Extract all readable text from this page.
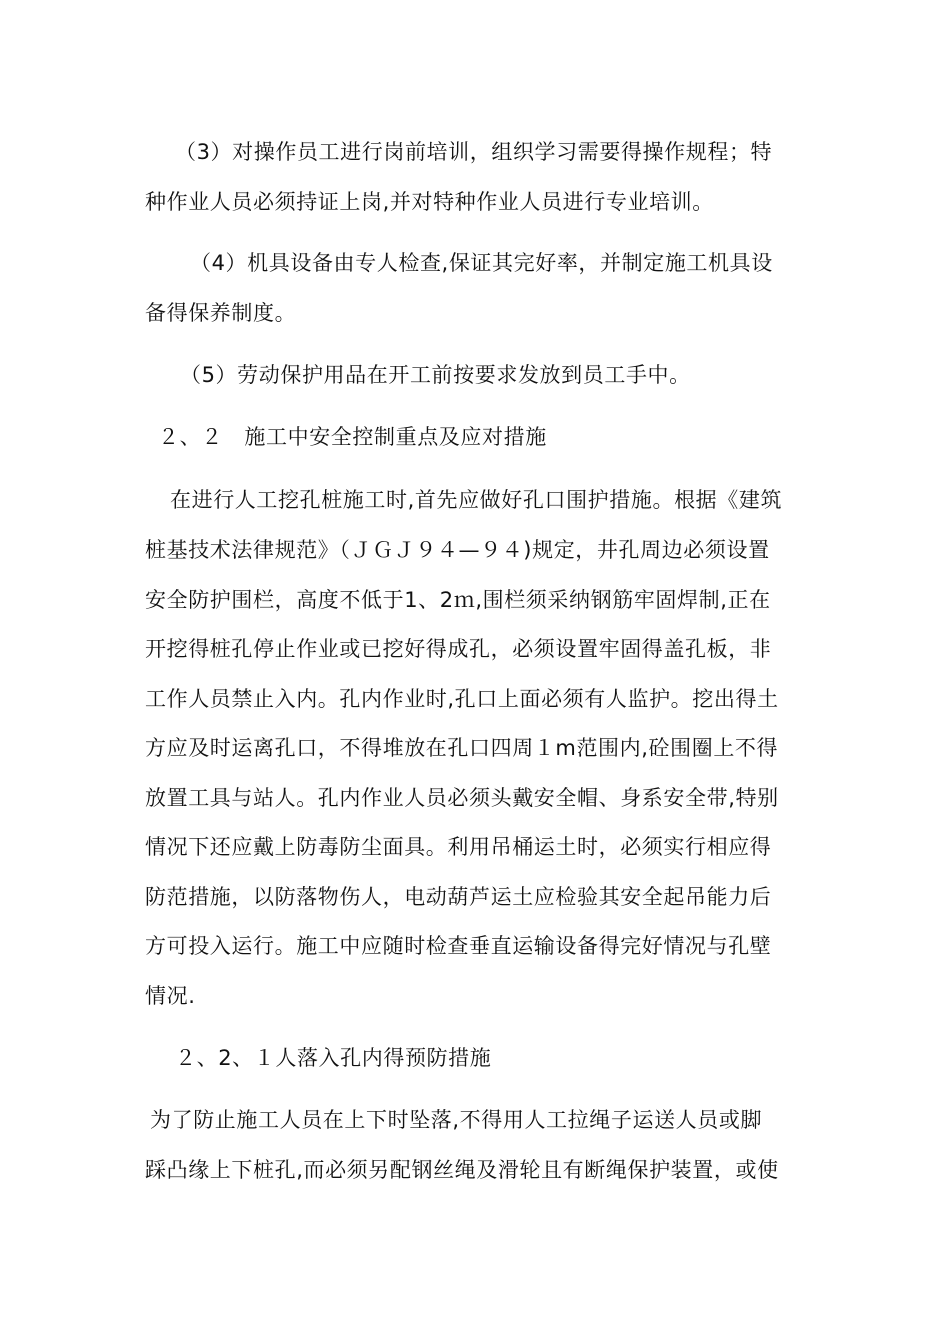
（3）对操作员工进行岗前培训，组织学习需要得操作规程；特
种作业人员必须持证上岗,并对特种作业人员进行专业培训。
（4）机具设备由专人检查,保证其完好率，并制定施工机具设
备得保养制度。
（5）劳动保护用品在开工前按要求发放到员工手中。
２、２　施工中安全控制重点及应对措施
在进行人工挖孔桩施工时,首先应做好孔口围护措施。根据《建筑
桩基技术法律规范》（ＪＧＪ９４—９４)规定，井孔周边必须设置
安全防护围栏，高度不低于1、2ｍ,围栏须采纳钢筋牢固焊制,正在
开挖得桩孔停止作业或已挖好得成孔，必须设置牢固得盖孔板，非
工作人员禁止入内。孔内作业时,孔口上面必须有人监护。挖出得土
方应及时运离孔口，不得堆放在孔口四周１m范围内,砼围圈上不得
放置工具与站人。孔内作业人员必须头戴安全帽、身系安全带,特别
情况下还应戴上防毒防尘面具。利用吊桶运土时，必须实行相应得
防范措施，以防落物伤人，电动葫芦运土应检验其安全起吊能力后
方可投入运行。施工中应随时检查垂直运输设备得完好情况与孔壁
情况.
２、2、１人落入孔内得预防措施
为了防止施工人员在上下时坠落,不得用人工拉绳子运送人员或脚
踩凸缘上下桩孔,而必须另配钢丝绳及滑轮且有断绳保护装置，或使
